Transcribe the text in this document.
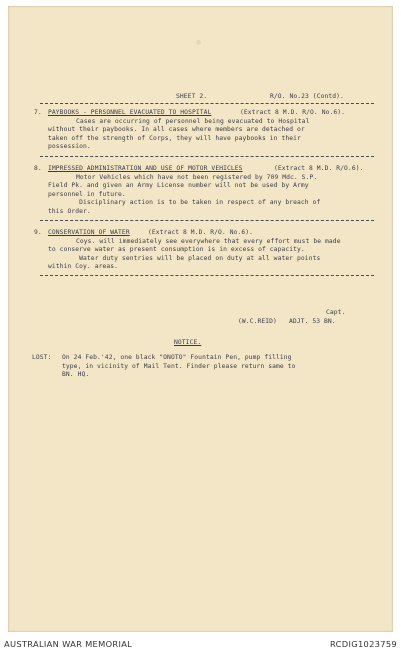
SHEET 2.	R/O. No.23 (Contd).
7. PAYBOOKS - PERSONNEL EVACUATED TO HOSPITAL	(Extract 8 M.D. R/O. No.6).
Cases are occurring of personnel being evacuated to Hospital
without their paybooks. In all cases where members are detached or
taken off the strength of Corps, they will have paybooks in their
possession.
8. IMPRESSED ADMINISTRATION AND USE OF MOTOR VEHICLES	(Extract 8 M.D. R/O.6).
Motor Vehicles which have not been registered by 709 Mdc. S.P.
Field Pk. and given an Army License number will not be used by Army
personnel in future.
Disciplinary action is to be taken in respect of any breach of
this Order.
9. CONSERVATION OF WATER	(Extract 8 M.D. R/O. No.6).
Coys. will immediately see everywhere that every effort must be made
to conserve water as present consumption is in excess of capacity.
Water duty sentries will be placed on duty at all water points
within Coy. areas.
Capt.
(W.C.REID) ADJT. 53 BN.
NOTICE.
LOST: On 24 Feb.'42, one black "ONOTO" Fountain Pen, pump filling
type, in vicinity of Mail Tent. Finder please return same to
BN. HQ.
AUSTRALIAN WAR MEMORIAL	RCDIG1023759
